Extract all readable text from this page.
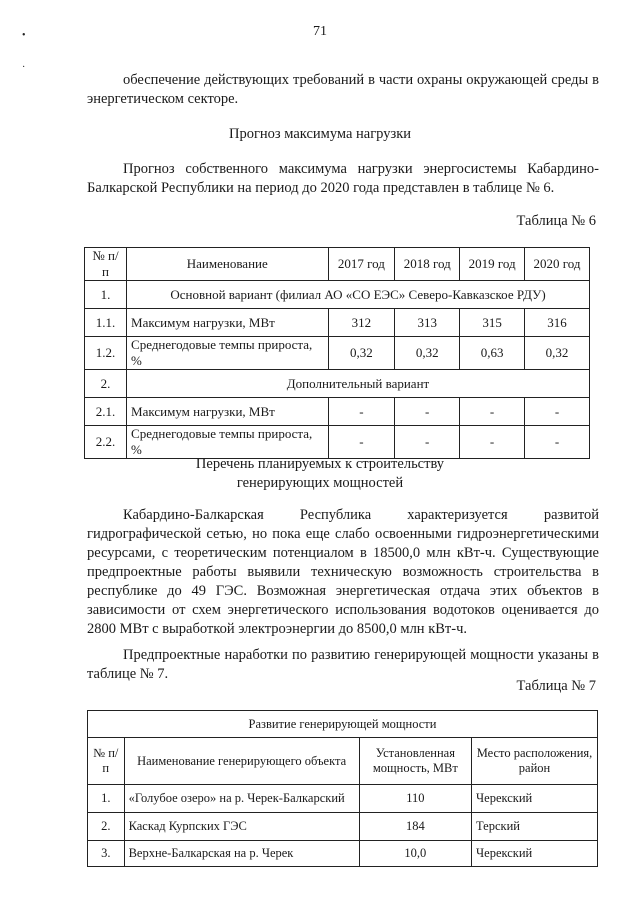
•
·
71
обеспечение действующих требований в части охраны окружающей среды в энергетическом секторе.
Прогноз максимума нагрузки
Прогноз собственного максимума нагрузки энергосистемы Кабардино-Балкарской Республики на период до 2020 года представлен в таблице № 6.
Таблица № 6
№ п/п	Наименование	2017 год	2018 год	2019 год	2020 год
1.	Основной вариант (филиал АО «СО ЕЭС» Северо-Кавказское РДУ)				
1.1.	Максимум нагрузки, МВт	312	313	315	316
1.2.	Среднегодовые темпы прироста, %	0,32	0,32	0,63	0,32
2.	Дополнительный вариант				
2.1.	Максимум нагрузки, МВт	-	-	-	-
2.2.	Среднегодовые темпы прироста, %	-	-	-	-
Перечень планируемых к строительству
генерирующих мощностей
Кабардино-Балкарская Республика характеризуется развитой гидрографической сетью, но пока еще слабо освоенными гидроэнергетическими ресурсами, с теоретическим потенциалом в 18500,0 млн кВт-ч. Существующие предпроектные работы выявили техническую возможность строительства в республике до 49 ГЭС. Возможная энергетическая отдача этих объектов в зависимости от схем энергетического использования водотоков оценивается до 2800 МВт с выработкой электроэнергии до 8500,0 млн кВт-ч.
Предпроектные наработки по развитию генерирующей мощности указаны в таблице № 7.
Таблица № 7
Развитие генерирующей мощности			
№ п/п	Наименование генерирующего объекта	Установленная мощность, МВт	Место расположения, район
1.	«Голубое озеро» на р. Черек-Балкарский	110	Черекский
2.	Каскад Курпских ГЭС	184	Терский
3.	Верхне-Балкарская на р. Черек	10,0	Черекский
